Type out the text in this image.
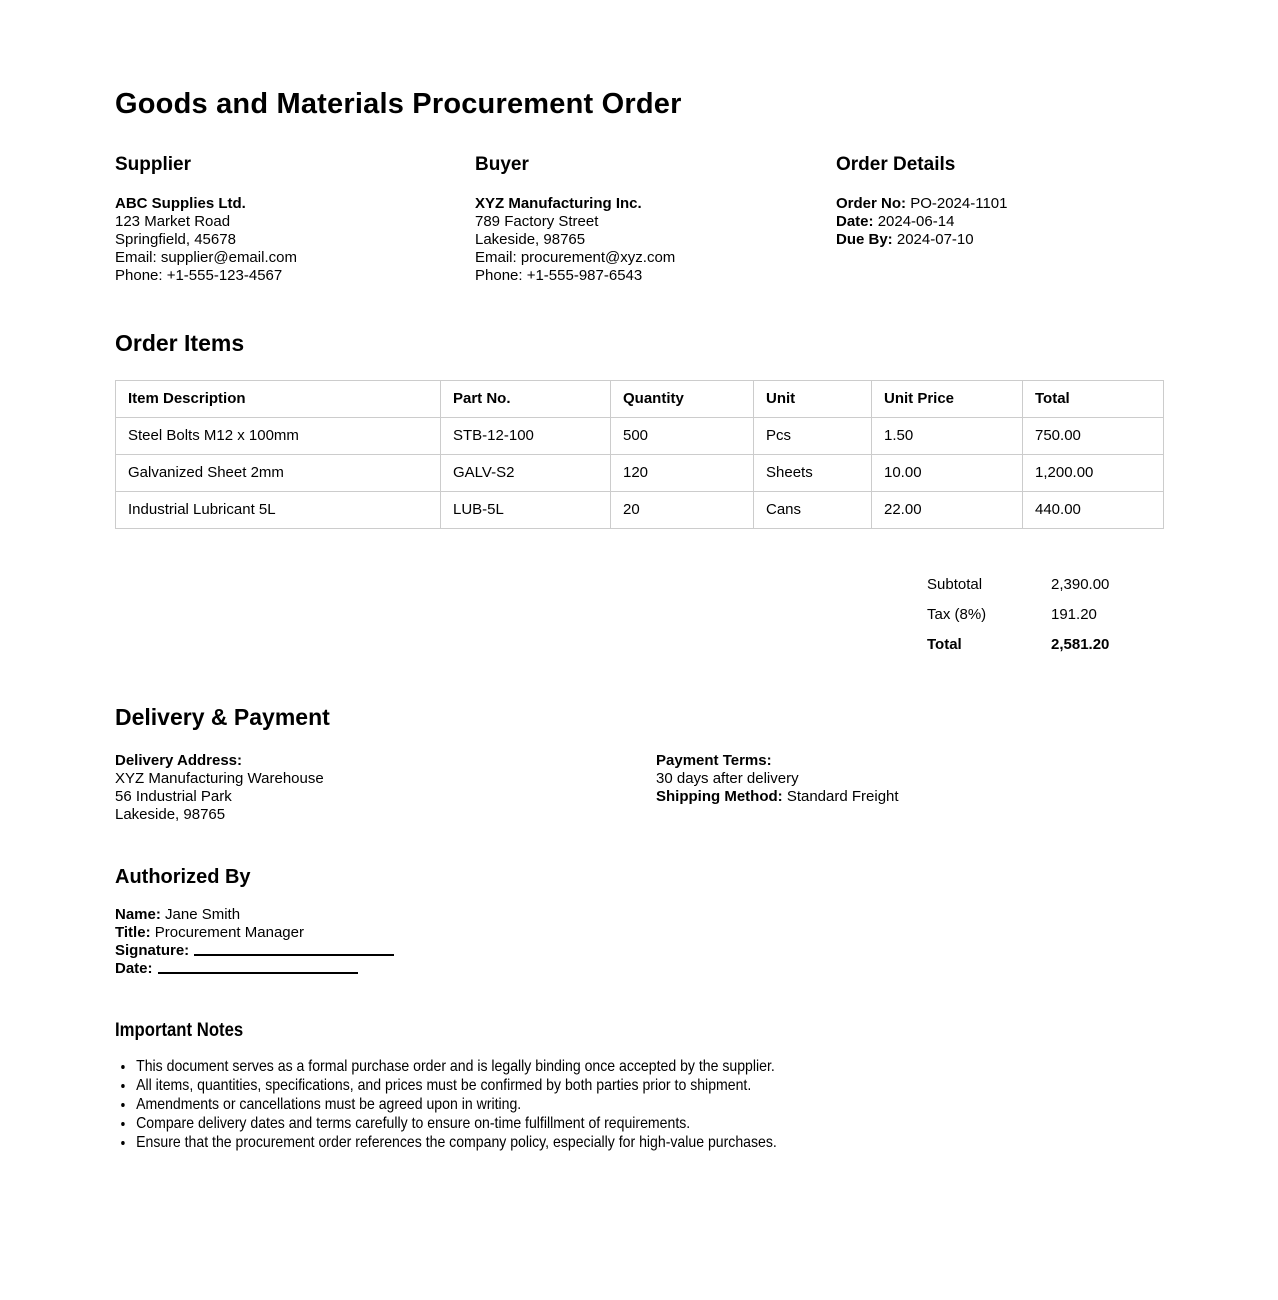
Goods and Materials Procurement Order
Supplier
ABC Supplies Ltd.
123 Market Road
Springfield, 45678
Email: supplier@email.com
Phone: +1-555-123-4567
Buyer
XYZ Manufacturing Inc.
789 Factory Street
Lakeside, 98765
Email: procurement@xyz.com
Phone: +1-555-987-6543
Order Details
Order No: PO-2024-1101
Date: 2024-06-14
Due By: 2024-07-10
Order Items
Item Description	Part No.	Quantity	Unit	Unit Price	Total
Steel Bolts M12 x 100mm	STB-12-100	500	Pcs	1.50	750.00
Galvanized Sheet 2mm	GALV-S2	120	Sheets	10.00	1,200.00
Industrial Lubricant 5L	LUB-5L	20	Cans	22.00	440.00
Subtotal	2,390.00
Tax (8%)	191.20
Total	2,581.20
Delivery & Payment
Delivery Address:
XYZ Manufacturing Warehouse
56 Industrial Park
Lakeside, 98765
Payment Terms:
30 days after delivery
Shipping Method: Standard Freight
Authorized By
Name: Jane Smith
Title: Procurement Manager
Signature:
Date:
Important Notes
• This document serves as a formal purchase order and is legally binding once accepted by the supplier.
• All items, quantities, specifications, and prices must be confirmed by both parties prior to shipment.
• Amendments or cancellations must be agreed upon in writing.
• Compare delivery dates and terms carefully to ensure on-time fulfillment of requirements.
• Ensure that the procurement order references the company policy, especially for high-value purchases.
